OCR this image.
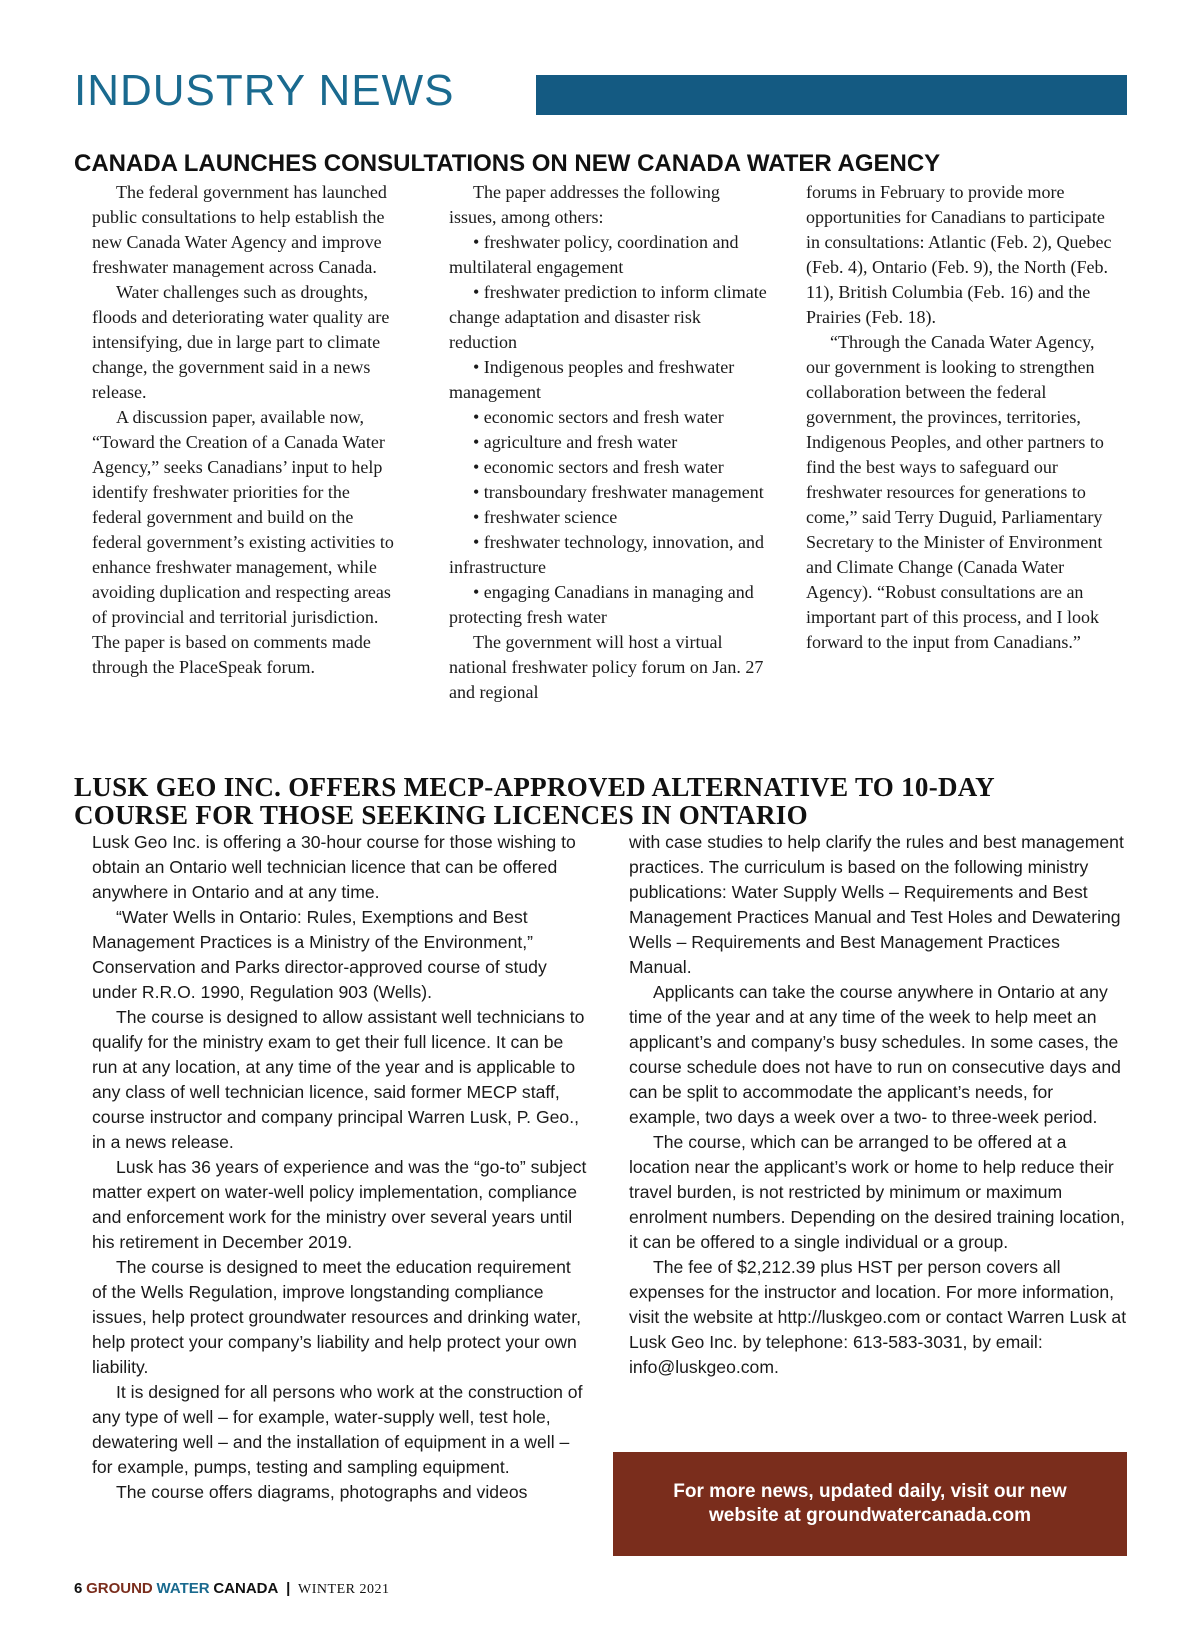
INDUSTRY NEWS
CANADA LAUNCHES CONSULTATIONS ON NEW CANADA WATER AGENCY

The federal government has launched public consultations to help establish the new Canada Water Agency and improve freshwater management across Canada.

Water challenges such as droughts, floods and deteriorating water quality are intensifying, due in large part to climate change, the government said in a news release.

A discussion paper, available now, “Toward the Creation of a Canada Water Agency,” seeks Canadians’ input to help identify freshwater priorities for the federal government and build on the federal government’s existing activities to enhance freshwater management, while avoiding duplication and respecting areas of provincial and territorial jurisdiction. The paper is based on comments made through the PlaceSpeak forum.

The paper addresses the following issues, among others:

• freshwater policy, coordination and multilateral engagement

• freshwater prediction to inform climate change adaptation and disaster risk reduction

• Indigenous peoples and freshwater management

• economic sectors and fresh water

• agriculture and fresh water

• economic sectors and fresh water

• transboundary freshwater management

• freshwater science

• freshwater technology, innovation, and infrastructure

• engaging Canadians in managing and protecting fresh water

The government will host a virtual national freshwater policy forum on Jan. 27 and regional

forums in February to provide more opportunities for Canadians to participate in consultations: Atlantic (Feb. 2), Quebec (Feb. 4), Ontario (Feb. 9), the North (Feb. 11), British Columbia (Feb. 16) and the Prairies (Feb. 18).

“Through the Canada Water Agency, our government is looking to strengthen collaboration between the federal government, the provinces, territories, Indigenous Peoples, and other partners to find the best ways to safeguard our freshwater resources for generations to come,” said Terry Duguid, Parliamentary Secretary to the Minister of Environment and Climate Change (Canada Water Agency). “Robust consultations are an important part of this process, and I look forward to the input from Canadians.”

LUSK GEO INC. OFFERS MECP-APPROVED ALTERNATIVE TO 10-DAY
COURSE FOR THOSE SEEKING LICENCES IN ONTARIO

Lusk Geo Inc. is offering a 30-hour course for those wishing to obtain an Ontario well technician licence that can be offered anywhere in Ontario and at any time.

“Water Wells in Ontario: Rules, Exemptions and Best Management Practices is a Ministry of the Environment,” Conservation and Parks director-approved course of study under R.R.O. 1990, Regulation 903 (Wells).

The course is designed to allow assistant well technicians to qualify for the ministry exam to get their full licence. It can be run at any location, at any time of the year and is applicable to any class of well technician licence, said former MECP staff, course instructor and company principal Warren Lusk, P. Geo., in a news release.

Lusk has 36 years of experience and was the “go-to” subject matter expert on water-well policy implementation, compliance and enforcement work for the ministry over several years until his retirement in December 2019.

The course is designed to meet the education requirement of the Wells Regulation, improve longstanding compliance issues, help protect groundwater resources and drinking water, help protect your company’s liability and help protect your own liability.

It is designed for all persons who work at the construction of any type of well – for example, water-supply well, test hole, dewatering well – and the installation of equipment in a well – for example, pumps, testing and sampling equipment.

The course offers diagrams, photographs and videos

with case studies to help clarify the rules and best management practices. The curriculum is based on the following ministry publications: Water Supply Wells – Requirements and Best Management Practices Manual and Test Holes and Dewatering Wells – Requirements and Best Management Practices Manual.

Applicants can take the course anywhere in Ontario at any time of the year and at any time of the week to help meet an applicant’s and company’s busy schedules. In some cases, the course schedule does not have to run on consecutive days and can be split to accommodate the applicant’s needs, for example, two days a week over a two- to three-week period.

The course, which can be arranged to be offered at a location near the applicant’s work or home to help reduce their travel burden, is not restricted by minimum or maximum enrolment numbers. Depending on the desired training location, it can be offered to a single individual or a group.

The fee of $2,212.39 plus HST per person covers all expenses for the instructor and location. For more information, visit the website at http://luskgeo.com or contact Warren Lusk at Lusk Geo Inc. by telephone: 613-583-3031, by email: info@luskgeo.com.

For more news, updated daily, visit our new website at groundwatercanada.com
6 GROUND WATER CANADA | WINTER 2021
